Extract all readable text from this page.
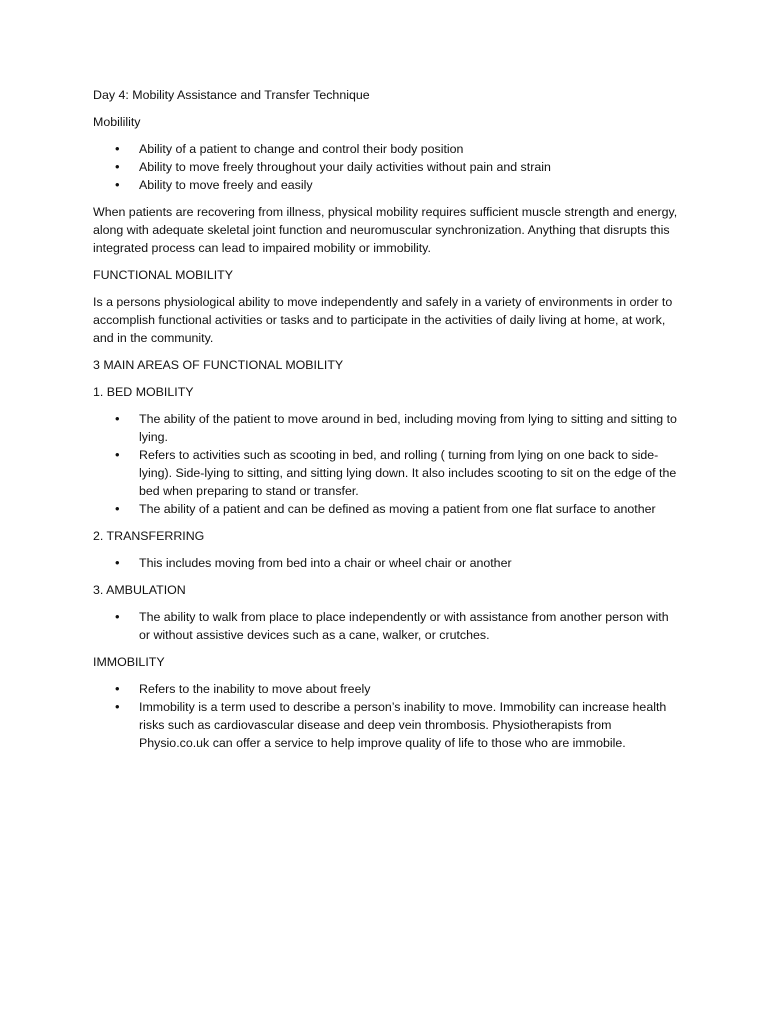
Day 4: Mobility Assistance and Transfer Technique

Mobilility

• Ability of a patient to change and control their body position
• Ability to move freely throughout your daily activities without pain and strain
• Ability to move freely and easily

When patients are recovering from illness, physical mobility requires sufficient muscle strength and energy, along with adequate skeletal joint function and neuromuscular synchronization. Anything that disrupts this integrated process can lead to impaired mobility or immobility.

FUNCTIONAL MOBILITY

Is a persons physiological ability to move independently and safely in a variety of environments in order to accomplish functional activities or tasks and to participate in the activities of daily living at home, at work, and in the community.

3 MAIN AREAS OF FUNCTIONAL MOBILITY

1. BED MOBILITY

• The ability of the patient to move around in bed, including moving from lying to sitting and sitting to lying.
• Refers to activities such as scooting in bed, and rolling ( turning from lying on one back to side-lying). Side-lying to sitting, and sitting lying down. It also includes scooting to sit on the edge of the bed when preparing to stand or transfer.
• The ability of a patient and can be defined as moving a patient from one flat surface to another

2. TRANSFERRING

• This includes moving from bed into a chair or wheel chair or another

3. AMBULATION

• The ability to walk from place to place independently or with assistance from another person with or without assistive devices such as a cane, walker, or crutches.

IMMOBILITY

• Refers to the inability to move about freely
• Immobility is a term used to describe a person’s inability to move. Immobility can increase health risks such as cardiovascular disease and deep vein thrombosis. Physiotherapists from Physio.co.uk can offer a service to help improve quality of life to those who are immobile.
